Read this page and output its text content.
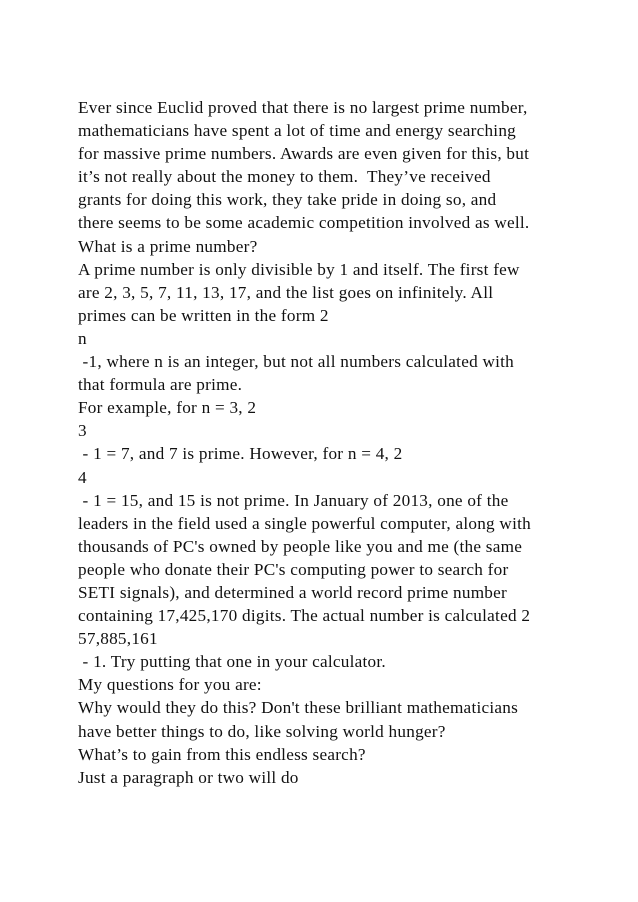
Ever since Euclid proved that there is no largest prime number,
mathematicians have spent a lot of time and energy searching
for massive prime numbers. Awards are even given for this, but
it’s not really about the money to them.  They’ve received
grants for doing this work, they take pride in doing so, and
there seems to be some academic competition involved as well.
What is a prime number?
A prime number is only divisible by 1 and itself. The first few
are 2, 3, 5, 7, 11, 13, 17, and the list goes on infinitely. All
primes can be written in the form 2
n
-1, where n is an integer, but not all numbers calculated with
that formula are prime.
For example, for n = 3, 2
3
- 1 = 7, and 7 is prime. However, for n = 4, 2
4
- 1 = 15, and 15 is not prime. In January of 2013, one of the
leaders in the field used a single powerful computer, along with
thousands of PC's owned by people like you and me (the same
people who donate their PC's computing power to search for
SETI signals), and determined a world record prime number
containing 17,425,170 digits. The actual number is calculated 2
57,885,161
- 1. Try putting that one in your calculator.
My questions for you are:
Why would they do this? Don't these brilliant mathematicians
have better things to do, like solving world hunger?
What’s to gain from this endless search?
Just a paragraph or two will do
